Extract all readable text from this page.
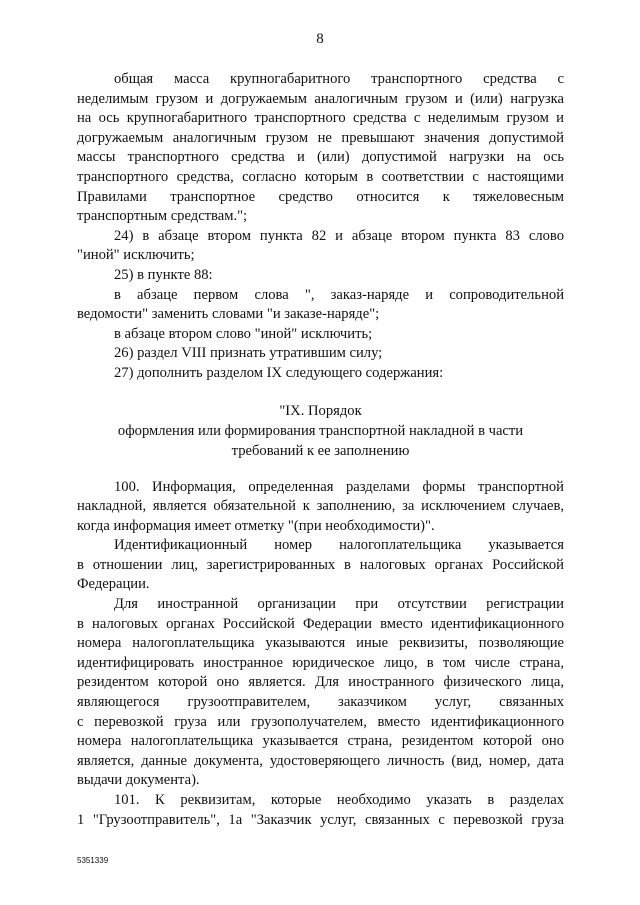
8

общая масса крупногабаритного транспортного средства с

неделимым грузом и догружаемым аналогичным грузом и (или) нагрузка

на ось крупногабаритного транспортного средства с неделимым грузом и

догружаемым аналогичным грузом не превышают значения допустимой

массы транспортного средства и (или) допустимой нагрузки на ось

транспортного средства, согласно которым в соответствии с настоящими

Правилами транспортное средство относится к тяжеловесным

транспортным средствам.";

24) в абзаце втором пункта 82 и абзаце втором пункта 83 слово

"иной" исключить;

25) в пункте 88:

в абзаце первом слова ", заказ-наряде и сопроводительной

ведомости" заменить словами "и заказе-наряде";

в абзаце втором слово "иной" исключить;

26) раздел VIII признать утратившим силу;

27) дополнить разделом IX следующего содержания:

"IX. Порядок
оформления или формирования транспортной накладной в части
требований к ее заполнению

100. Информация, определенная разделами формы транспортной

накладной, является обязательной к заполнению, за исключением случаев,

когда информация имеет отметку "(при необходимости)".

Идентификационный номер налогоплательщика указывается

в отношении лиц, зарегистрированных в налоговых органах Российской

Федерации.

Для иностранной организации при отсутствии регистрации

в налоговых органах Российской Федерации вместо идентификационного

номера налогоплательщика указываются иные реквизиты, позволяющие

идентифицировать иностранное юридическое лицо, в том числе страна,

резидентом которой оно является. Для иностранного физического лица,

являющегося грузоотправителем, заказчиком услуг, связанных

с перевозкой груза или грузополучателем, вместо идентификационного

номера налогоплательщика указывается страна, резидентом которой оно

является, данные документа, удостоверяющего личность (вид, номер, дата

выдачи документа).

101. К реквизитам, которые необходимо указать в разделах

1 "Грузоотправитель", 1а "Заказчик услуг, связанных с перевозкой груза

5351339
